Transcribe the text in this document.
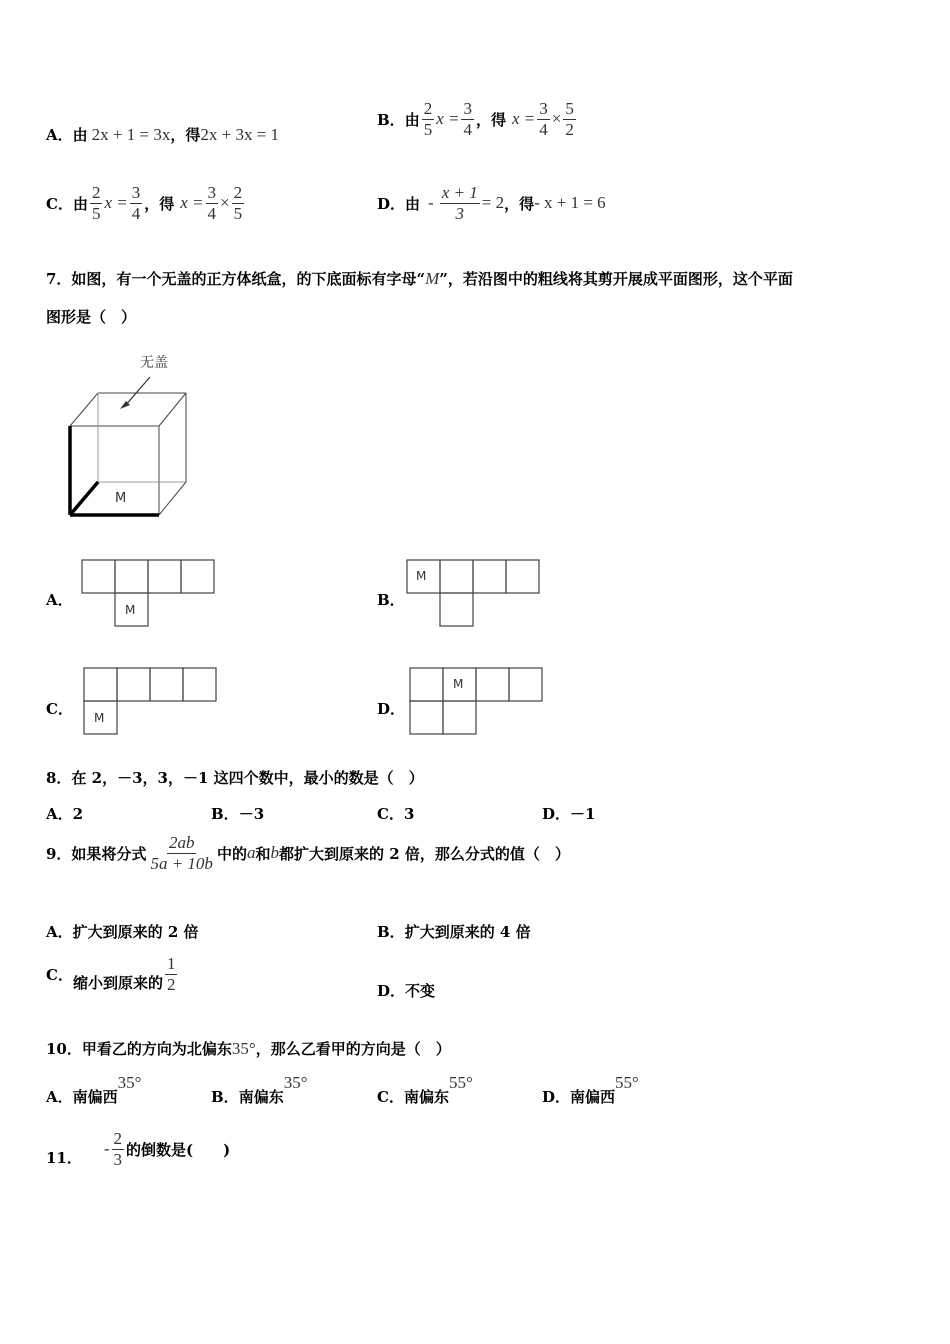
A． 由 2x + 1 = 3x ，得 2x + 3x = 1
B． 由 $\frac{2}{5}$ $x = \frac{3}{4}$ ，得 $x = \frac{3}{4} \times \frac{5}{2}$
C． 由 $\frac{2}{5}$ $x = \frac{3}{4}$ ，得 $x = \frac{3}{4} \times \frac{2}{5}$	D． 由 - $\frac{x + 1}{3} = 2$ ，得 - x + 1 = 6
7．如图，有一个无盖的正方体纸盒，的下底面标有字母“M”，若沿图中的粗线将其剪开展成平面图形，这个平面
图形是（　）
无盖
M
A．
M
B．
M
C． M	D．
M
8．在 2，－3，3，－1 这四个数中，最小的数是（　）
A．2	B．－3	C．3	D．－1
9．如果将分式 $\frac{2ab}{5a + 10b}$ 中的 a 和 b 都扩大到原来的 2 倍，那么分式的值（　）
A．扩大到原来的 2 倍	B．扩大到原来的 4 倍
C． 缩小到原来的 $\frac{1}{2}$	D．不变
10．甲看乙的方向为北偏东35°，那么乙看甲的方向是（　）
A．南偏西35°
B．南偏东35°
C．南偏东55°
D．南偏西55°
11． - $\frac{2}{3}$ 的倒数是(　　)
